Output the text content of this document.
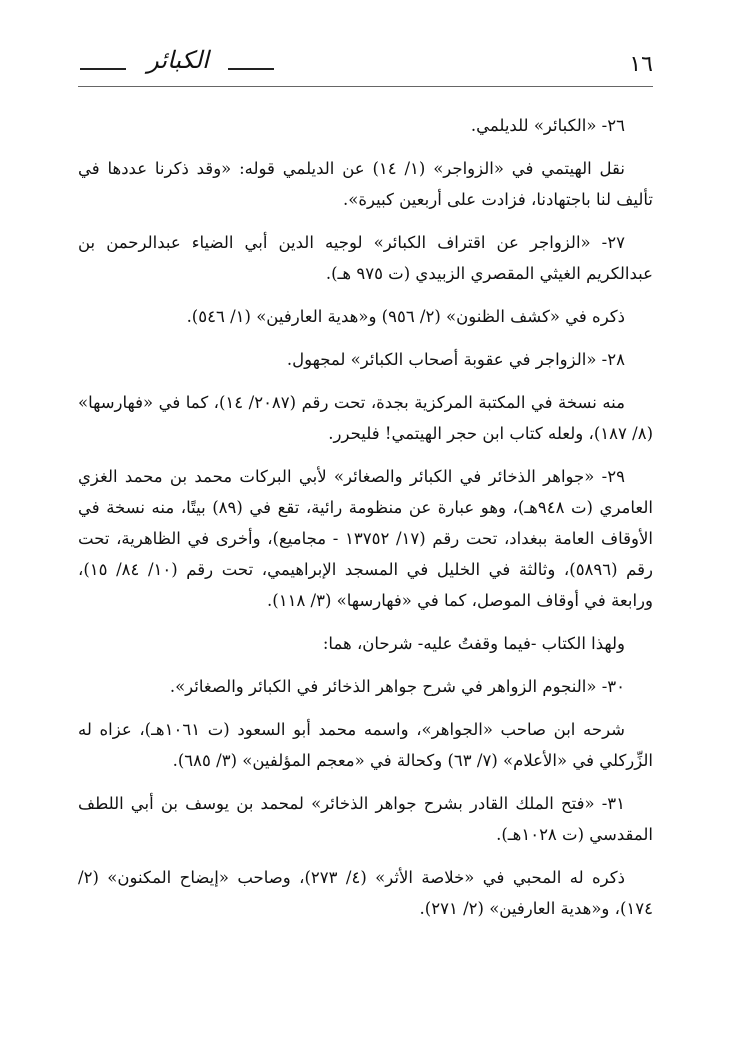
الكبائر	١٦

٢٦- «الكبائر» للديلمي.

نقل الهيتمي في «الزواجر» (١/ ١٤) عن الديلمي قوله: «وقد ذكرنا عددها في تأليف لنا باجتهادنا، فزادت على أربعين كبيرة».

٢٧- «الزواجر عن اقتراف الكبائر» لوجيه الدين أبي الضياء عبدالرحمن بن عبدالكريم الغيثي المقصري الزبيدي (ت ٩٧٥ هـ).

ذكره في «كشف الظنون» (٢/ ٩٥٦) و«هدية العارفين» (١/ ٥٤٦).

٢٨- «الزواجر في عقوبة أصحاب الكبائر» لمجهول.

منه نسخة في المكتبة المركزية بجدة، تحت رقم (٢٠٨٧/ ١٤)، كما في «فهارسها» (٨/ ١٨٧)، ولعله كتاب ابن حجر الهيتمي! فليحرر.

٢٩- «جواهر الذخائر في الكبائر والصغائر» لأبي البركات محمد بن محمد الغزي العامري (ت ٩٤٨هـ)، وهو عبارة عن منظومة رائية، تقع في (٨٩) بيتًا، منه نسخة في الأوقاف العامة ببغداد، تحت رقم (١٧/ ١٣٧٥٢ - مجاميع)، وأخرى في الظاهرية، تحت رقم (٥٨٩٦)، وثالثة في الخليل في المسجد الإبراهيمي، تحت رقم (١٠/ ٨٤/ ١٥)، ورابعة في أوقاف الموصل، كما في «فهارسها» (٣/ ١١٨).

ولهذا الكتاب -فيما وقفتُ عليه- شرحان، هما:

٣٠- «النجوم الزواهر في شرح جواهر الذخائر في الكبائر والصغائر».

شرحه ابن صاحب «الجواهر»، واسمه محمد أبو السعود (ت ١٠٦١هـ)، عزاه له الزِّركلي في «الأعلام» (٧/ ٦٣) وكحالة في «معجم المؤلفين» (٣/ ٦٨٥).

٣١- «فتح الملك القادر بشرح جواهر الذخائر» لمحمد بن يوسف بن أبي اللطف المقدسي (ت ١٠٢٨هـ).

ذكره له المحبي في «خلاصة الأثر» (٤/ ٢٧٣)، وصاحب «إيضاح المكنون» (٢/ ١٧٤)، و«هدية العارفين» (٢/ ٢٧١).
